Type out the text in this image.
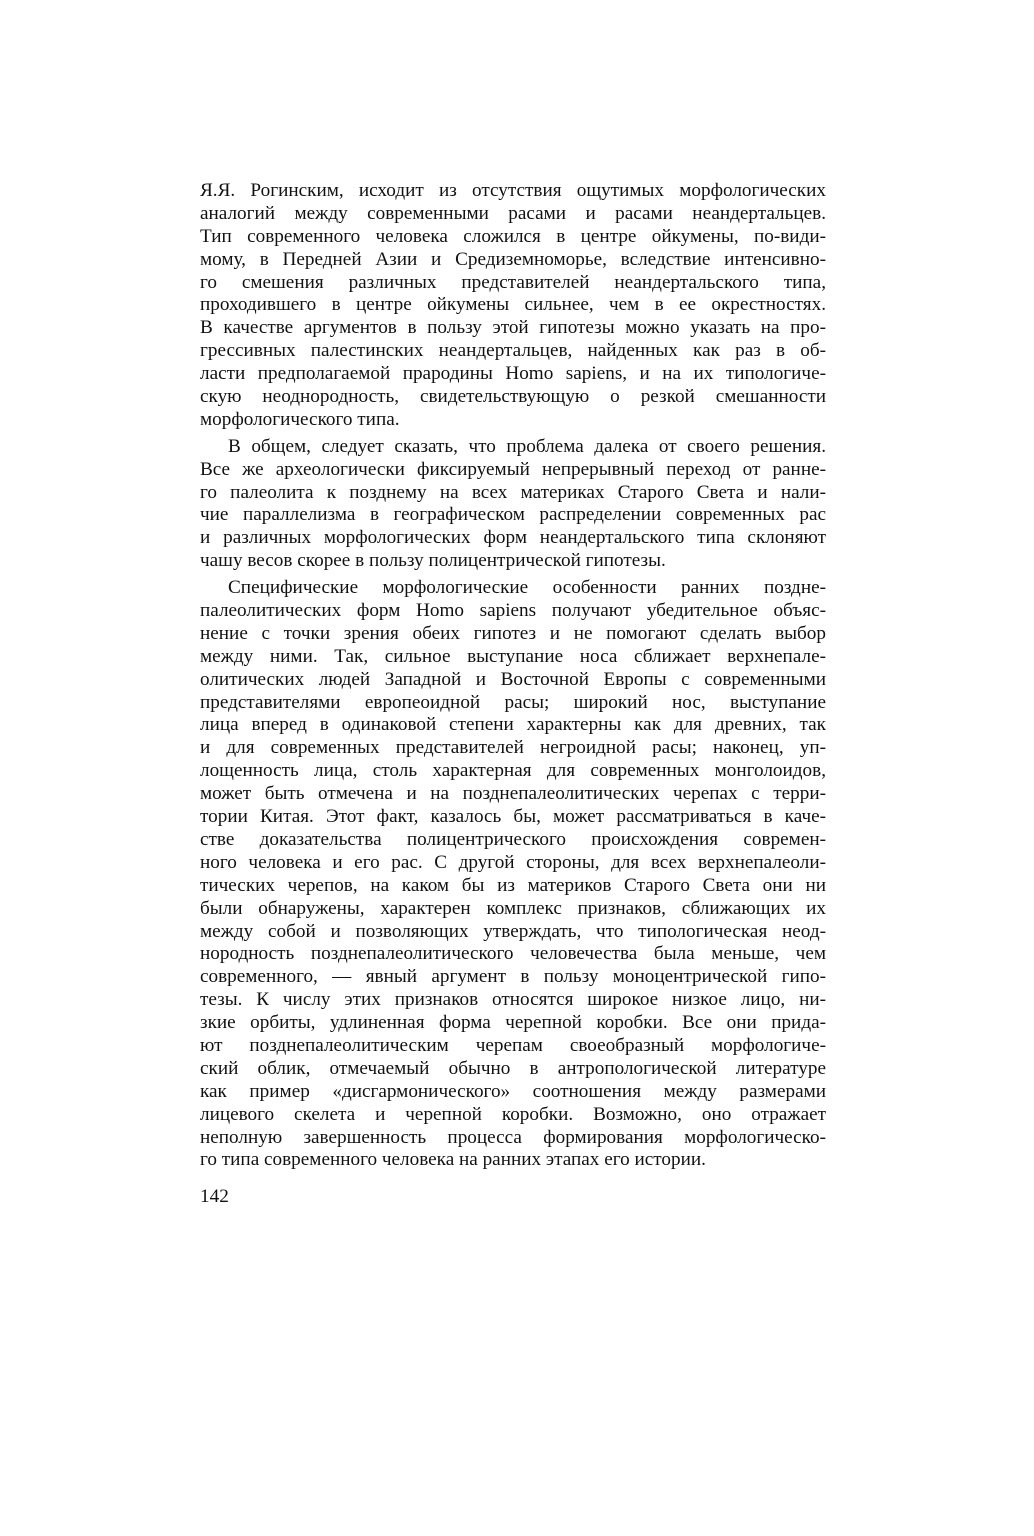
Я.Я. Рогинским, исходит из отсутствия ощутимых морфологических
аналогий между современными расами и расами неандертальцев.
Тип современного человека сложился в центре ойкумены, по-види-
мому, в Передней Азии и Средиземноморье, вследствие интенсивно-
го смешения различных представителей неандертальского типа,
проходившего в центре ойкумены сильнее, чем в ее окрестностях.
В качестве аргументов в пользу этой гипотезы можно указать на про-
грессивных палестинских неандертальцев, найденных как раз в об-
ласти предполагаемой прародины Homo sapiens, и на их типологиче-
скую неоднородность, свидетельствующую о резкой смешанности
морфологического типа.
В общем, следует сказать, что проблема далека от своего решения.
Все же археологически фиксируемый непрерывный переход от ранне-
го палеолита к позднему на всех материках Старого Света и нали-
чие параллелизма в географическом распределении современных рас
и различных морфологических форм неандертальского типа склоняют
чашу весов скорее в пользу полицентрической гипотезы.
Специфические морфологические особенности ранних поздне-
палеолитических форм Homo sapiens получают убедительное объяс-
нение с точки зрения обеих гипотез и не помогают сделать выбор
между ними. Так, сильное выступание носа сближает верхнепале-
олитических людей Западной и Восточной Европы с современными
представителями европеоидной расы; широкий нос, выступание
лица вперед в одинаковой степени характерны как для древних, так
и для современных представителей негроидной расы; наконец, уп-
лощенность лица, столь характерная для современных монголоидов,
может быть отмечена и на позднепалеолитических черепах с терри-
тории Китая. Этот факт, казалось бы, может рассматриваться в каче-
стве доказательства полицентрического происхождения современ-
ного человека и его рас. С другой стороны, для всех верхнепалеоли-
тических черепов, на каком бы из материков Старого Света они ни
были обнаружены, характерен комплекс признаков, сближающих их
между собой и позволяющих утверждать, что типологическая неод-
нородность позднепалеолитического человечества была меньше, чем
современного, — явный аргумент в пользу моноцентрической гипо-
тезы. К числу этих признаков относятся широкое низкое лицо, ни-
зкие орбиты, удлиненная форма черепной коробки. Все они прида-
ют позднепалеолитическим черепам своеобразный морфологиче-
ский облик, отмечаемый обычно в антропологической литературе
как пример «дисгармонического» соотношения между размерами
лицевого скелета и черепной коробки. Возможно, оно отражает
неполную завершенность процесса формирования морфологическо-
го типа современного человека на ранних этапах его истории.
142
